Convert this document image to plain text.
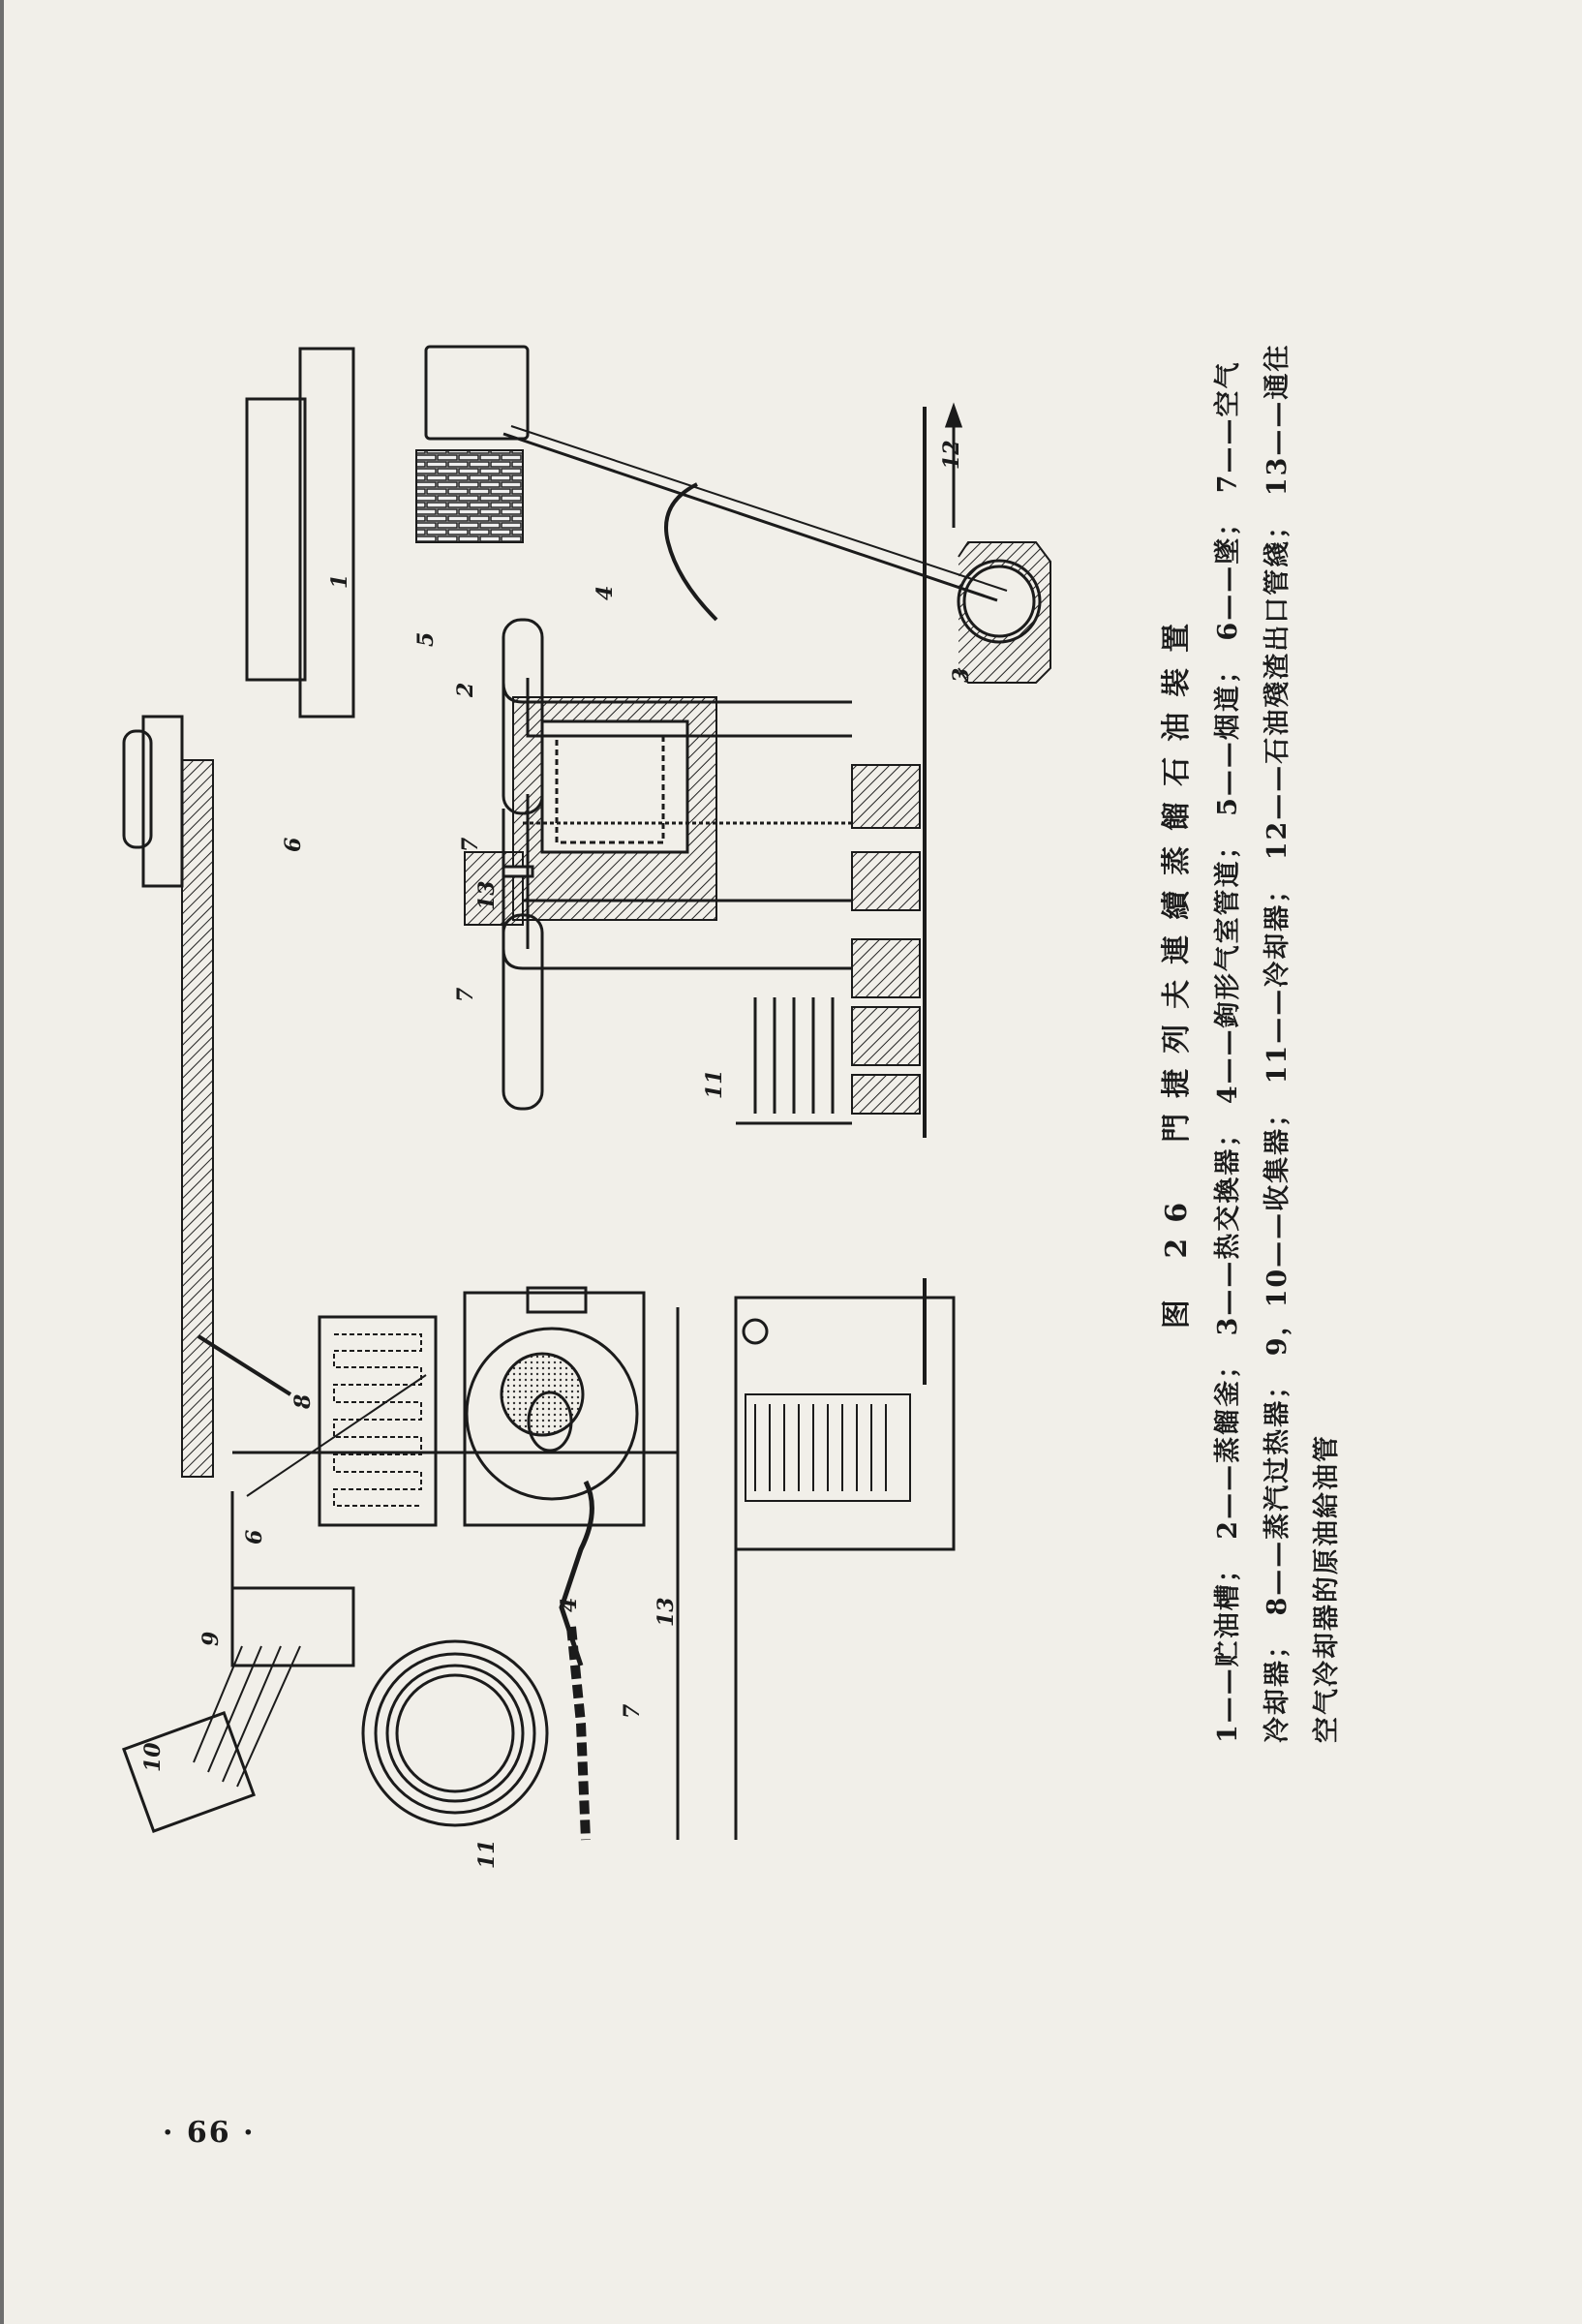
8
6
9
10
4	13
7
11
1
5
6
4
2
12
3
7
13
7
11	图 26　門捷列夫連續蒸餾石油裝置 1——贮油槽；　2——蒸餾釜；　3——热交換器；　4——鉤形气室管道；　5——烟道；　6——墜；　7——空气 冷却器；　8——蒸汽过热器；　9，10——收集器；　11——冷却器；　12——石油殘渣出口管綫；　13——通往 空气冷却器的原油給油管
· 66 ·
